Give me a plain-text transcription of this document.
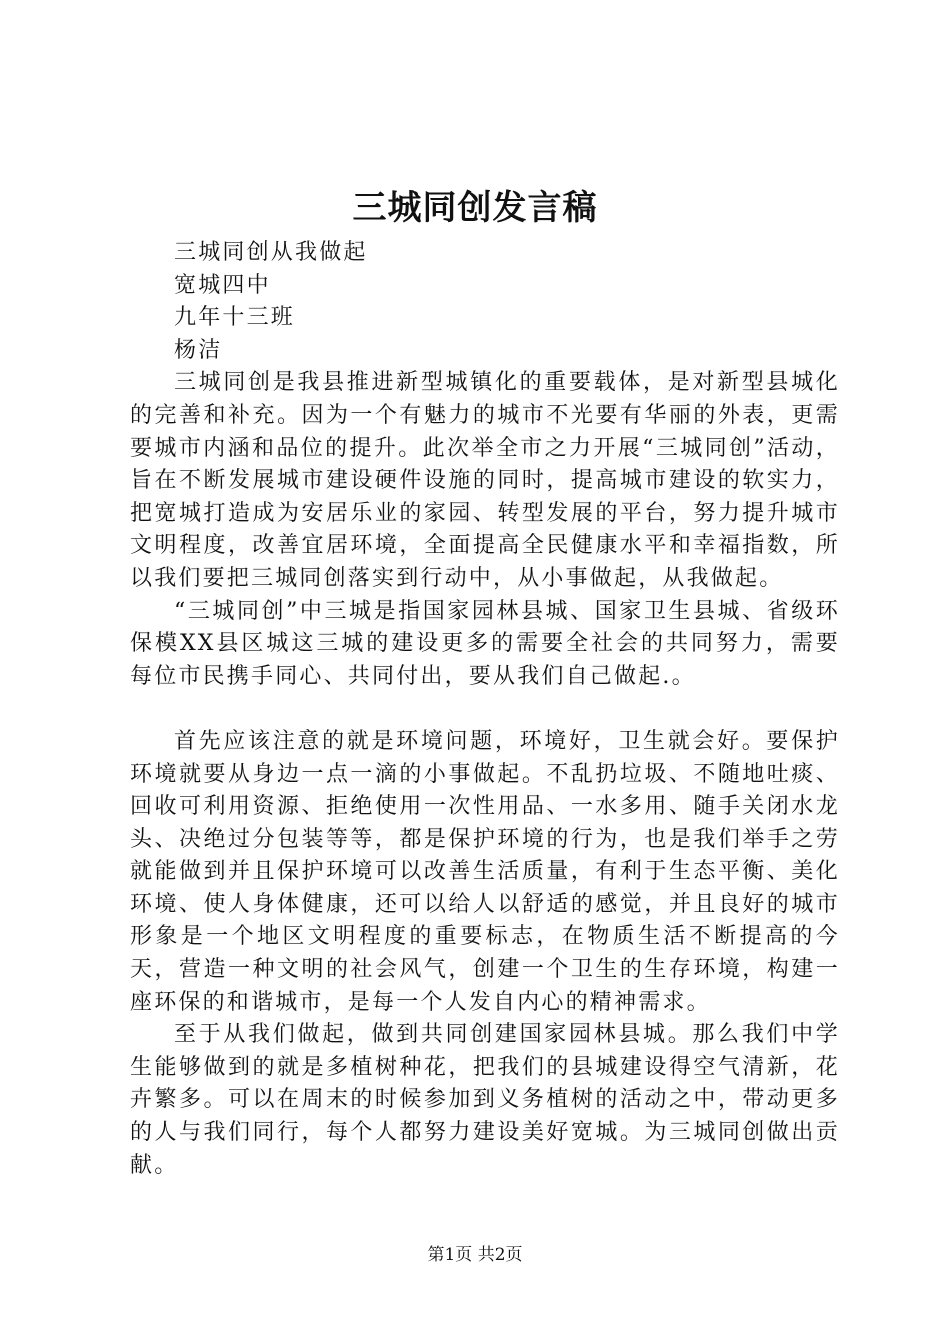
三城同创发言稿

三城同创从我做起

宽城四中

九年十三班

杨洁

三城同创是我县推进新型城镇化的重要载体，是对新型县城化的完善和补充。因为一个有魅力的城市不光要有华丽的外表，更需要城市内涵和品位的提升。此次举全市之力开展“三城同创”活动，旨在不断发展城市建设硬件设施的同时，提高城市建设的软实力，把宽城打造成为安居乐业的家园、转型发展的平台，努力提升城市文明程度，改善宜居环境，全面提高全民健康水平和幸福指数，所以我们要把三城同创落实到行动中，从小事做起，从我做起。

“三城同创”中三城是指国家园林县城、国家卫生县城、省级环保模XX县区城这三城的建设更多的需要全社会的共同努力，需要每位市民携手同心、共同付出，要从我们自己做起.。

首先应该注意的就是环境问题，环境好，卫生就会好。要保护环境就要从身边一点一滴的小事做起。不乱扔垃圾、不随地吐痰、回收可利用资源、拒绝使用一次性用品、一水多用、随手关闭水龙头、决绝过分包装等等，都是保护环境的行为，也是我们举手之劳就能做到并且保护环境可以改善生活质量，有利于生态平衡、美化环境、使人身体健康，还可以给人以舒适的感觉，并且良好的城市形象是一个地区文明程度的重要标志，在物质生活不断提高的今天，营造一种文明的社会风气，创建一个卫生的生存环境，构建一座环保的和谐城市，是每一个人发自内心的精神需求。

至于从我们做起，做到共同创建国家园林县城。那么我们中学生能够做到的就是多植树种花，把我们的县城建设得空气清新，花卉繁多。可以在周末的时候参加到义务植树的活动之中，带动更多的人与我们同行，每个人都努力建设美好宽城。为三城同创做出贡献。

第1页 共2页
